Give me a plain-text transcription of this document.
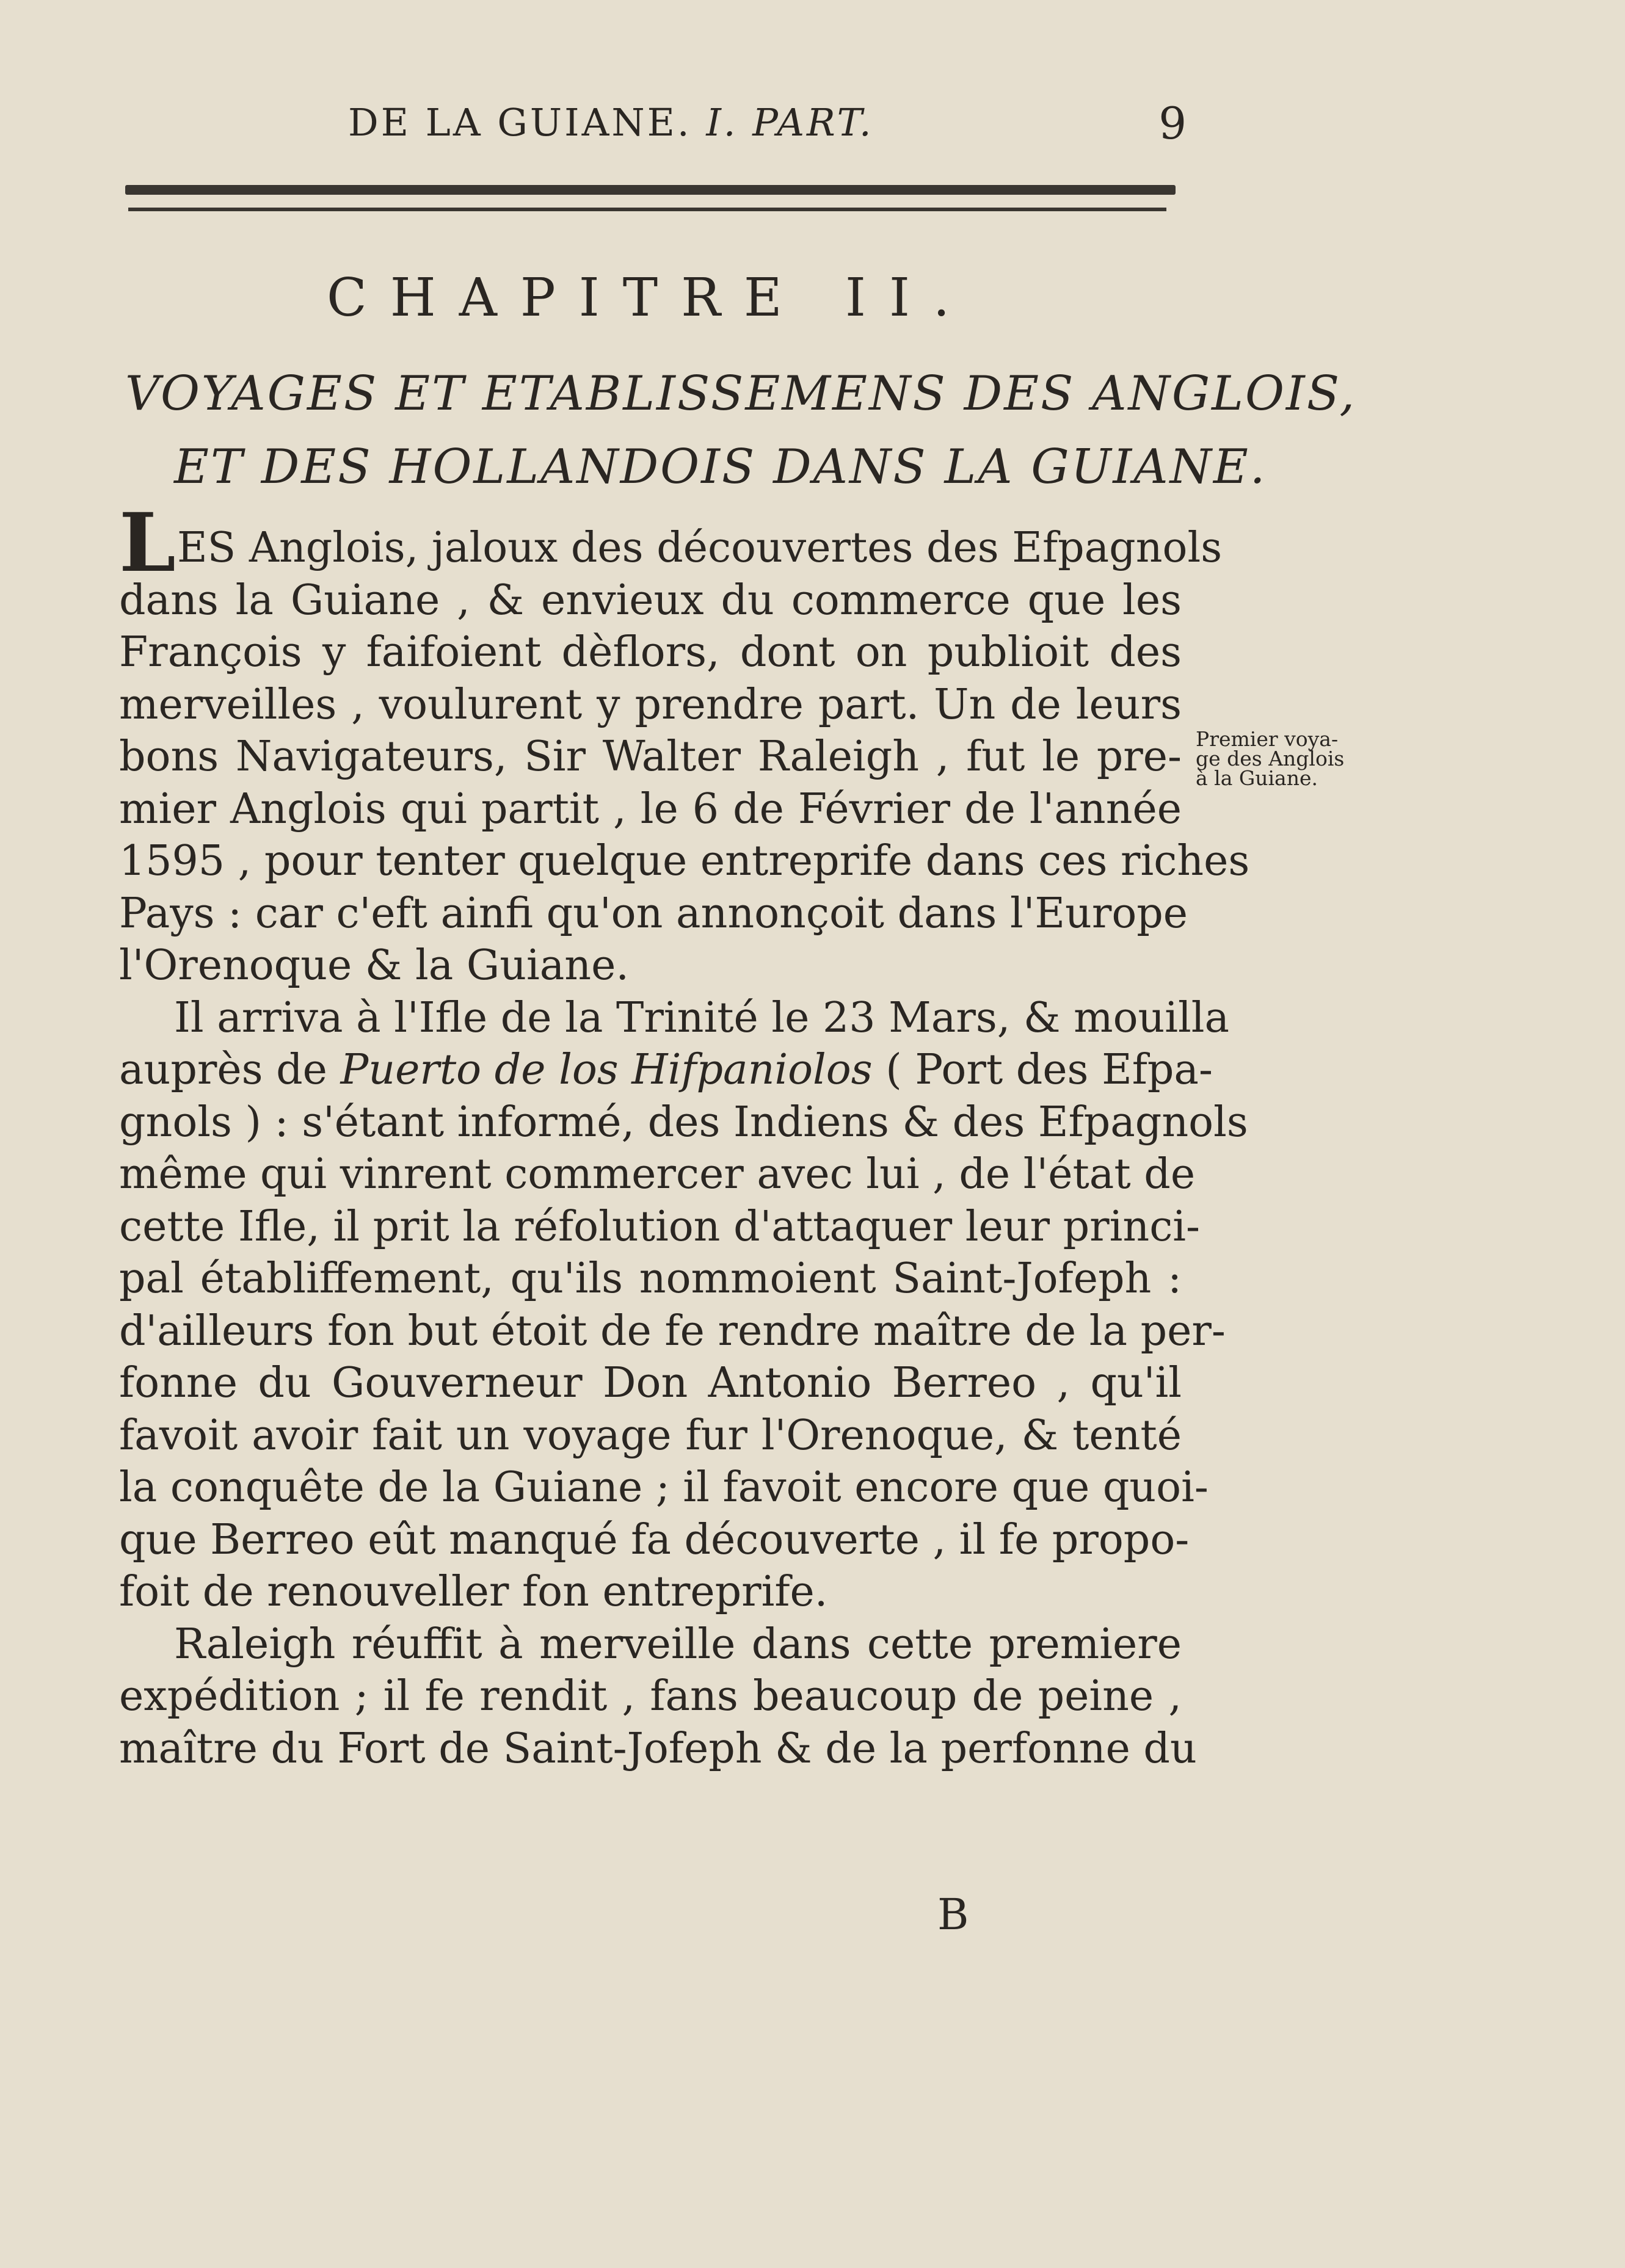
DE LA GUIANE. I. PART.	9
CHAPITRE II.
VOYAGES ET ETABLISSEMENS DES ANGLOIS,
ET DES HOLLANDOIS DANS LA GUIANE.
L ES Anglois, jaloux des découvertes des Efpagnols
dans la Guiane , & envieux du commerce que les
François y faifoient dèflors, dont on publioit des
merveilles , voulurent y prendre part. Un de leurs
bons Navigateurs, Sir Walter Raleigh , fut le pre-
mier Anglois qui partit , le 6 de Février de l'année
1595 , pour tenter quelque entreprife dans ces riches
Pays : car c'eft ainfi qu'on annonçoit dans l'Europe
l'Orenoque & la Guiane.
Il arriva à l'Ifle de la Trinité le 23 Mars, & mouilla
auprès de Puerto de los Hifpaniolos ( Port des Efpa-
gnols ) : s'étant informé, des Indiens & des Efpagnols
même qui vinrent commercer avec lui , de l'état de
cette Ifle, il prit la réfolution d'attaquer leur princi-
pal établiffement, qu'ils nommoient Saint-Jofeph :
d'ailleurs fon but étoit de fe rendre maître de la per-
fonne du Gouverneur Don Antonio Berreo , qu'il
favoit avoir fait un voyage fur l'Orenoque, & tenté
la conquête de la Guiane ; il favoit encore que quoi-
que Berreo eût manqué fa découverte , il fe propo-
foit de renouveller fon entreprife.
Raleigh réuffit à merveille dans cette premiere
expédition ; il fe rendit , fans beaucoup de peine ,
maître du Fort de Saint-Jofeph & de la perfonne du
Premier voya-
ge des Anglois
à la Guiane.
B
